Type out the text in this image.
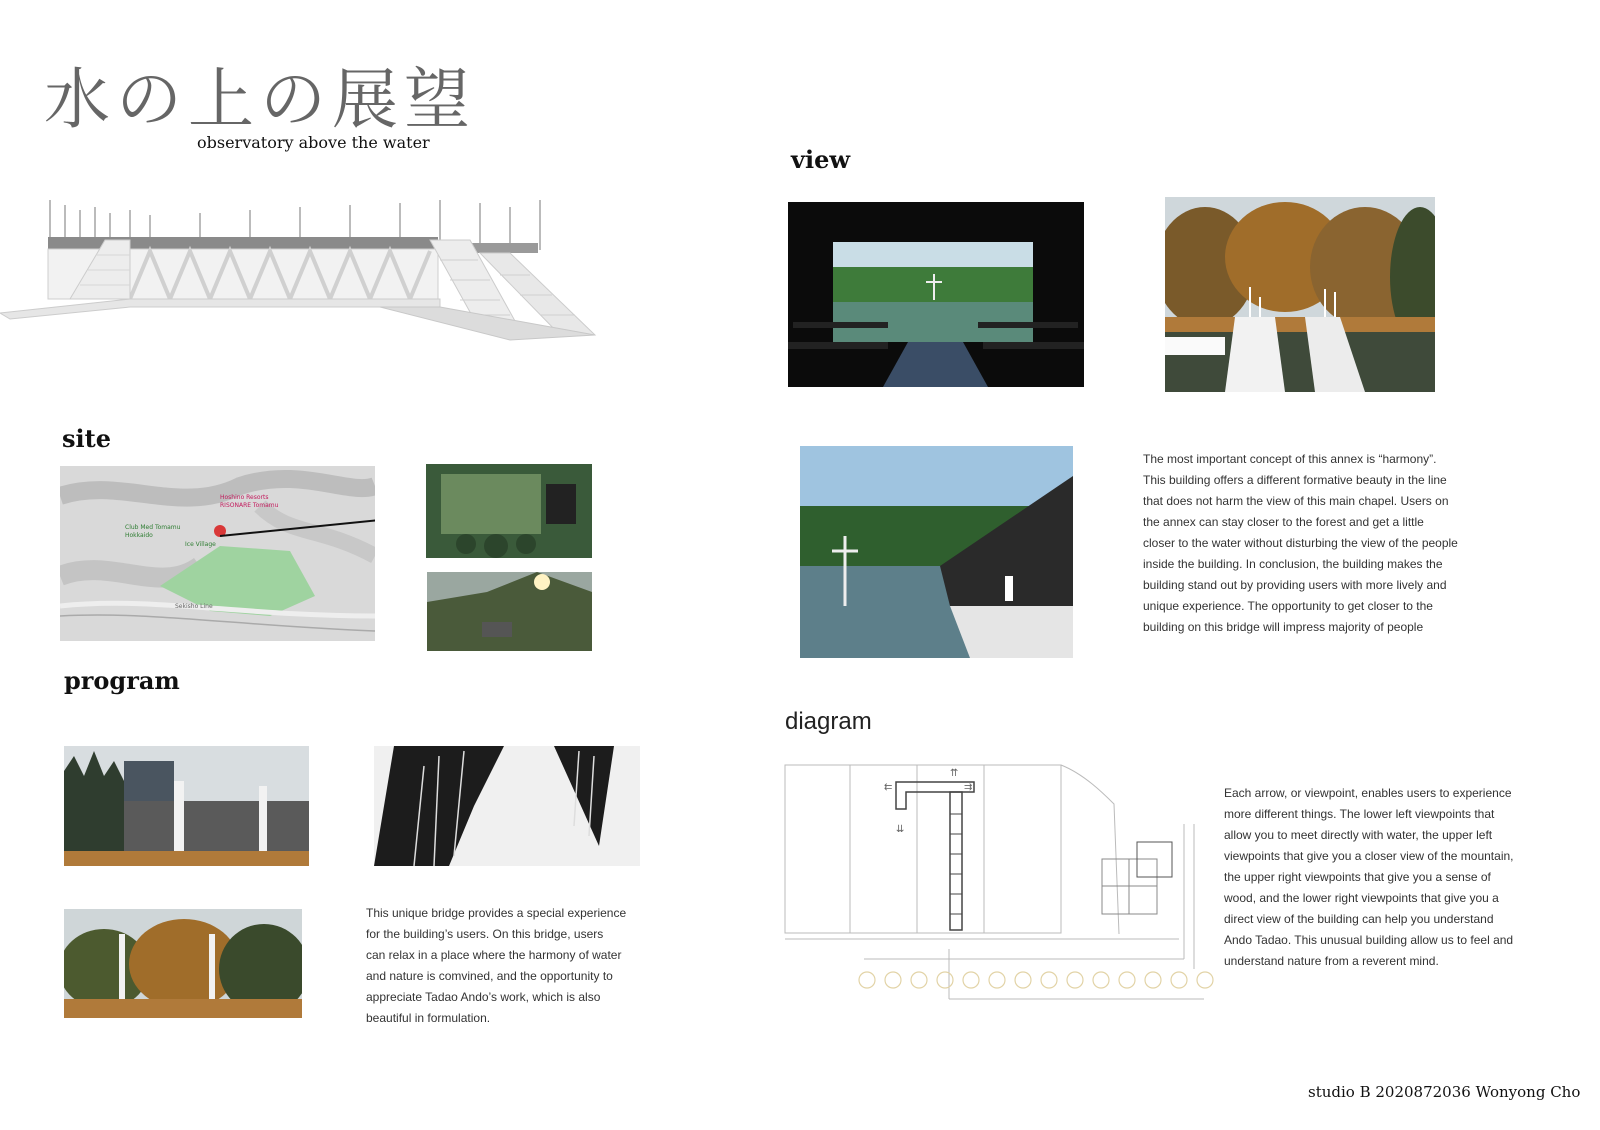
水の上の展望
observatory above the water
view

The most important concept of this annex is “harmony”.

This building offers a different formative beauty in the line

that does not harm the view of this main chapel. Users on

the annex can stay closer to the forest and get a little

closer to the water without disturbing the view of the people

inside the building. In conclusion, the building makes the

building stand out by providing users with more lively and

unique experience. The opportunity to get closer to the

building on this bridge will impress majority of people

site
Club Med Tomamu Hokkaido
Ice Village
Hoshino Resorts RISONARE Tomamu
Sekisho Line
program

This unique bridge provides a special experience

for the building’s users. On this bridge, users

can relax in a place where the harmony of water

and nature is comvined, and the opportunity to

appreciate Tadao Ando’s work, which is also

beautiful in formulation.

diagram
⇈
⇇	⇉
⇊

Each arrow, or viewpoint, enables users to experience

more different things. The lower left viewpoints that

allow you to meet directly with water, the upper left

viewpoints that give you a closer view of the mountain,

the upper right viewpoints that give you a sense of

wood, and the lower right viewpoints that give you a

direct view of the building can help you understand

Ando Tadao. This unusual building allow us to feel and

understand nature from a reverent mind.

studio B 2020872036 Wonyong Cho
